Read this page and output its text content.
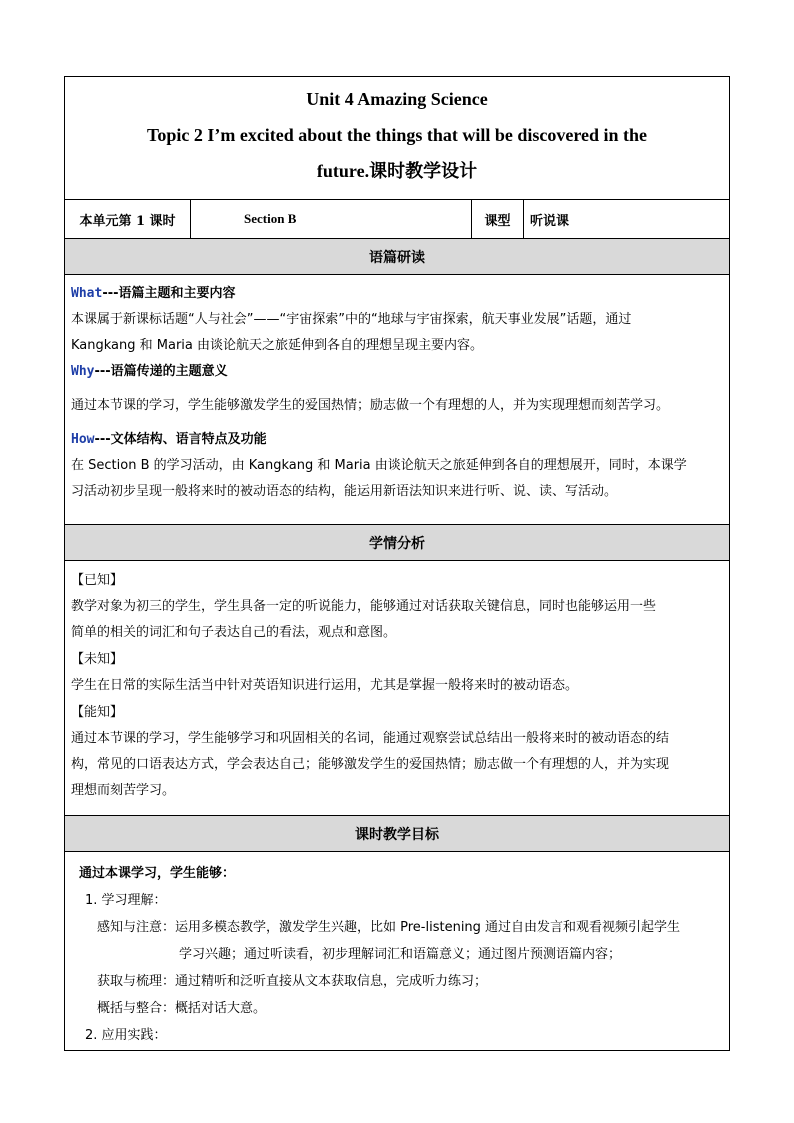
Unit 4 Amazing Science
Topic 2 I’m excited about the things that will be discovered in the
future.课时教学设计
本单元第 1 课时	Section B	课型	听说课
语篇研读
What---语篇主题和主要内容
本课属于新课标话题“人与社会”——“宇宙探索”中的“地球与宇宙探索，航天事业发展”话题，通过
Kangkang 和 Maria 由谈论航天之旅延伸到各自的理想呈现主要内容。
Why---语篇传递的主题意义
通过本节课的学习，学生能够激发学生的爱国热情；励志做一个有理想的人，并为实现理想而刻苦学习。
How---文体结构、语言特点及功能
在 Section B 的学习活动，由 Kangkang 和 Maria 由谈论航天之旅延伸到各自的理想展开，同时，本课学
习活动初步呈现一般将来时的被动语态的结构，能运用新语法知识来进行听、说、读、写活动。
学情分析
【已知】
教学对象为初三的学生，学生具备一定的听说能力，能够通过对话获取关键信息，同时也能够运用一些
简单的相关的词汇和句子表达自己的看法，观点和意图。
【未知】
学生在日常的实际生活当中针对英语知识进行运用，尤其是掌握一般将来时的被动语态。
【能知】
通过本节课的学习，学生能够学习和巩固相关的名词，能通过观察尝试总结出一般将来时的被动语态的结
构，常见的口语表达方式，学会表达自己；能够激发学生的爱国热情；励志做一个有理想的人，并为实现
理想而刻苦学习。
课时教学目标
通过本课学习，学生能够：
1. 学习理解：
感知与注意：运用多模态教学，激发学生兴趣，比如 Pre-listening 通过自由发言和观看视频引起学生
学习兴趣；通过听读看，初步理解词汇和语篇意义；通过图片预测语篇内容；
获取与梳理：通过精听和泛听直接从文本获取信息，完成听力练习；
概括与整合：概括对话大意。
2. 应用实践：
